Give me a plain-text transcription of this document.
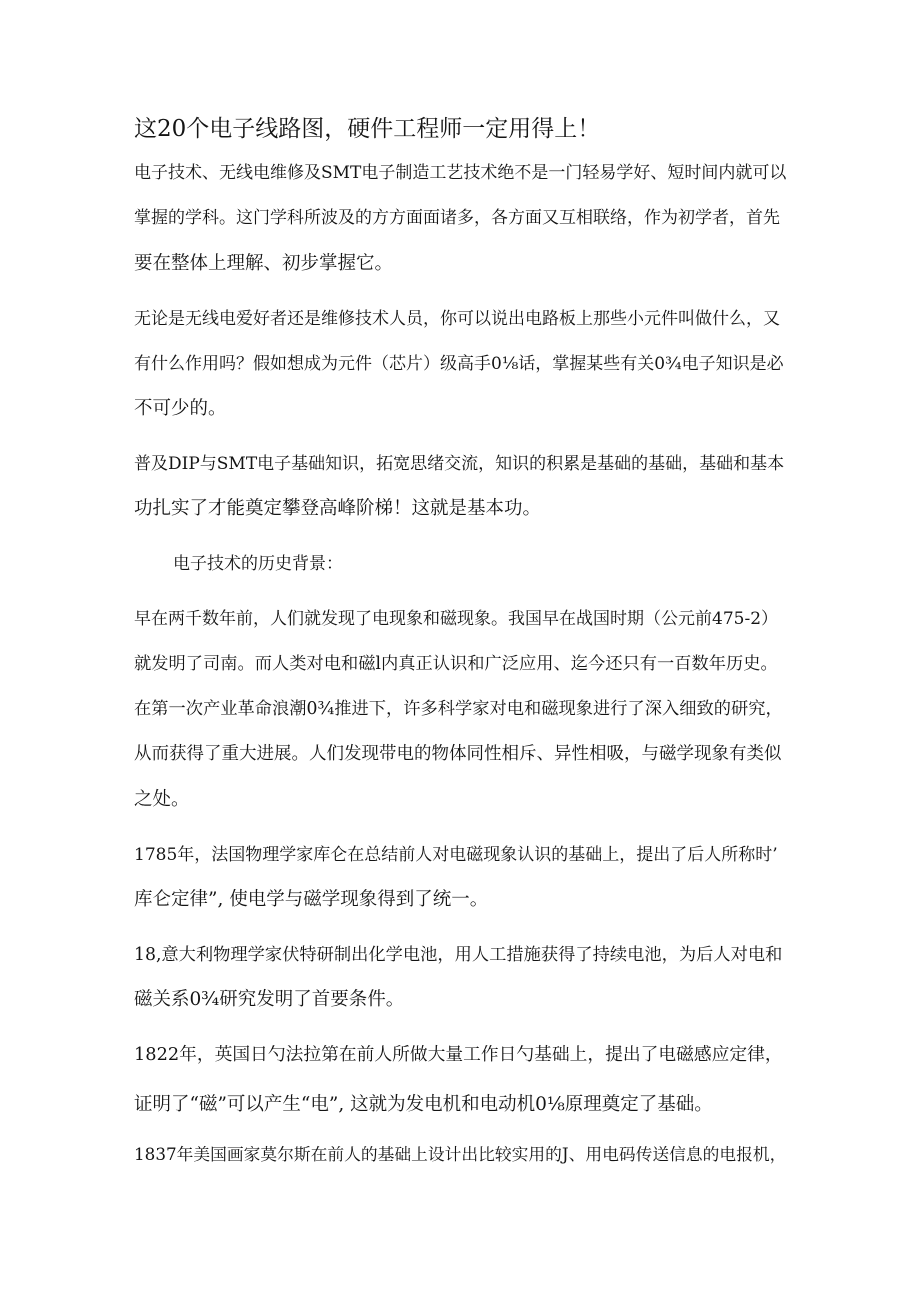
这20个电子线路图，硬件工程师一定用得上！

电子技术、无线电维修及SMT电子制造工艺技术绝不是一门轻易学好、短时间内就可以

掌握的学科。这门学科所波及的方方面面诸多，各方面又互相联络，作为初学者，首先

要在整体上理解、初步掌握它。

无论是无线电爱好者还是维修技术人员，你可以说出电路板上那些小元件叫做什么，又

有什么作用吗？假如想成为元件（芯片）级高手0⅛话，掌握某些有关0¾电子知识是必

不可少的。

普及DIP与SMT电子基础知识，拓宽思绪交流，知识的积累是基础的基础，基础和基本

功扎实了才能奠定攀登高峰阶梯！这就是基本功。

电子技术的历史背景：

早在两千数年前，人们就发现了电现象和磁现象。我国早在战国时期（公元前475-2）

就发明了司南。而人类对电和磁l内真正认识和广泛应用、迄今还只有一百数年历史。

在第一次产业革命浪潮0¾推进下，许多科学家对电和磁现象进行了深入细致的研究，

从而获得了重大进展。人们发现带电的物体同性相斥、异性相吸，与磁学现象有类似

之处。

1785年，法国物理学家库仑在总结前人对电磁现象认识的基础上，提出了后人所称时’

库仑定律”, 使电学与磁学现象得到了统一。

18,意大利物理学家伏特研制出化学电池，用人工措施获得了持续电池，为后人对电和

磁关系0¾研究发明了首要条件。

1822年，英国日勺法拉第在前人所做大量工作日勺基础上，提出了电磁感应定律，

证明了“磁”可以产生“电”, 这就为发电机和电动机0⅛原理奠定了基础。

1837年美国画家莫尔斯在前人的基础上设计出比较实用的J、用电码传送信息的电报机，
